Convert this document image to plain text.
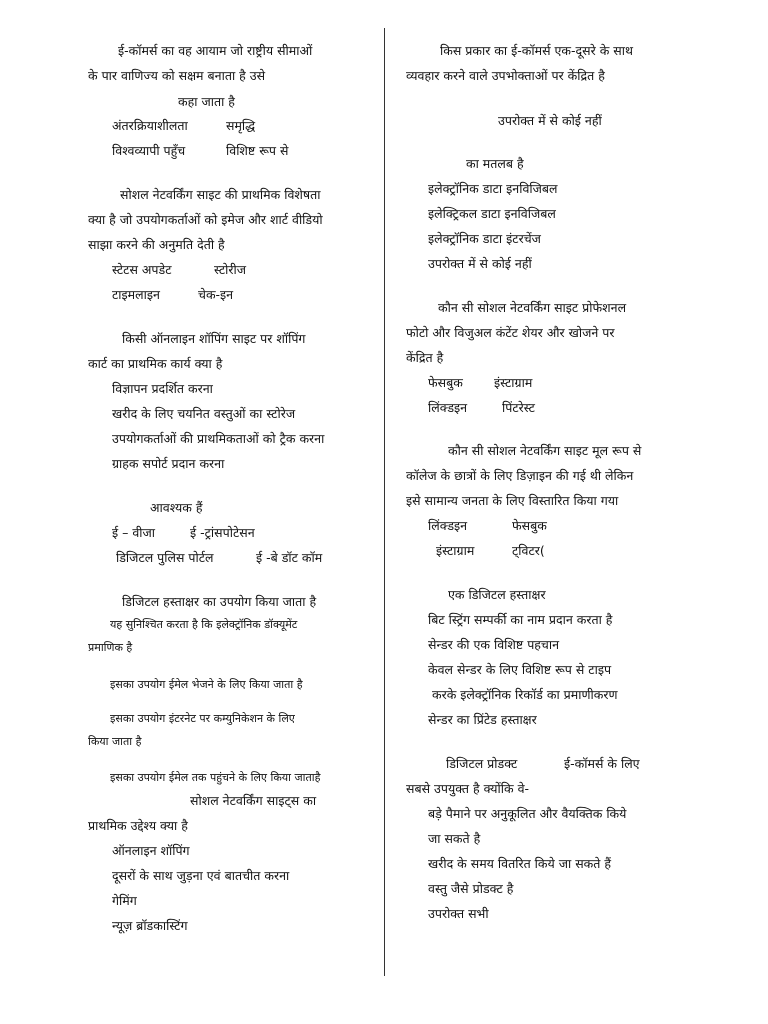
ई-कॉमर्स का वह आयाम जो राष्ट्रीय सीमाओं
के पार वाणिज्य को सक्षम बनाता है उसे
कहा जाता है
अंतरक्रियाशीलता	समृद्धि
विश्वव्यापी पहुँच	विशिष्ट रूप से
सोशल नेटवर्किंग साइट की प्राथमिक विशेषता
क्या है जो उपयोगकर्ताओं को इमेज और शार्ट वीडियो
साझा करने की अनुमति देती है
स्टेटस अपडेट	स्टोरीज
टाइमलाइन	चेक-इन
किसी ऑनलाइन शॉपिंग साइट पर शॉपिंग
कार्ट का प्राथमिक कार्य क्या है
विज्ञापन प्रदर्शित करना
खरीद के लिए चयनित वस्तुओं का स्टोरेज
उपयोगकर्ताओं की प्राथमिकताओं को ट्रैक करना
ग्राहक सपोर्ट प्रदान करना
आवश्यक हैं
ई – वीजा	ई -ट्रांसपोटेसन
डिजिटल पुलिस पोर्टल	ई -बे डॉट कॉम
डिजिटल हस्ताक्षर का उपयोग किया जाता है
यह सुनिश्चित करता है कि इलेक्ट्रॉनिक डॉक्यूमेंट
प्रमाणिक है
इसका उपयोग ईमेल भेजने के लिए किया जाता है
इसका उपयोग इंटरनेट पर कम्युनिकेशन के लिए
किया जाता है
इसका उपयोग ईमेल तक पहुंचने के लिए किया जाताहै
सोशल नेटवर्किंग साइट्स का
प्राथमिक उद्देश्य क्या है
ऑनलाइन शॉपिंग
दूसरों के साथ जुड़ना एवं बातचीत करना
गेमिंग
न्यूज़ ब्रॉडकास्टिंग
किस प्रकार का ई-कॉमर्स एक-दूसरे के साथ
व्यवहार करने वाले उपभोक्ताओं पर केंद्रित है
उपरोक्त में से कोई नहीं
का मतलब है
इलेक्ट्रॉनिक डाटा इनविजिबल
इलेक्ट्रिकल डाटा इनविजिबल
इलेक्ट्रॉनिक डाटा इंटरचेंज
उपरोक्त में से कोई नहीं
कौन सी सोशल नेटवर्किंग साइट प्रोफेशनल
फोटो और विजुअल कंटेंट शेयर और खोजने पर
केंद्रित है
फेसबुक इंस्टाग्राम
लिंक्डइन	पिंटरेस्ट
कौन सी सोशल नेटवर्किंग साइट मूल रूप से
कॉलेज के छात्रों के लिए डिज़ाइन की गई थी लेकिन
इसे सामान्य जनता के लिए विस्तारित किया गया
लिंक्डइन	फेसबुक
इंस्टाग्राम	ट्विटर(
एक डिजिटल हस्ताक्षर
बिट स्ट्रिंग सम्पर्की का नाम प्रदान करता है
सेन्डर की एक विशिष्ट पहचान
केवल सेन्डर के लिए विशिष्ट रूप से टाइप
करके इलेक्ट्रॉनिक रिकॉर्ड का प्रमाणीकरण
सेन्डर का प्रिंटेड हस्ताक्षर
डिजिटल प्रोडक्ट	ई-कॉमर्स के लिए
सबसे उपयुक्त है क्योंकि वे-
बड़े पैमाने पर अनुकूलित और वैयक्तिक किये
जा सकते है
खरीद के समय वितरित किये जा सकते हैं
वस्तु जैसे प्रोडक्ट है
उपरोक्त सभी
